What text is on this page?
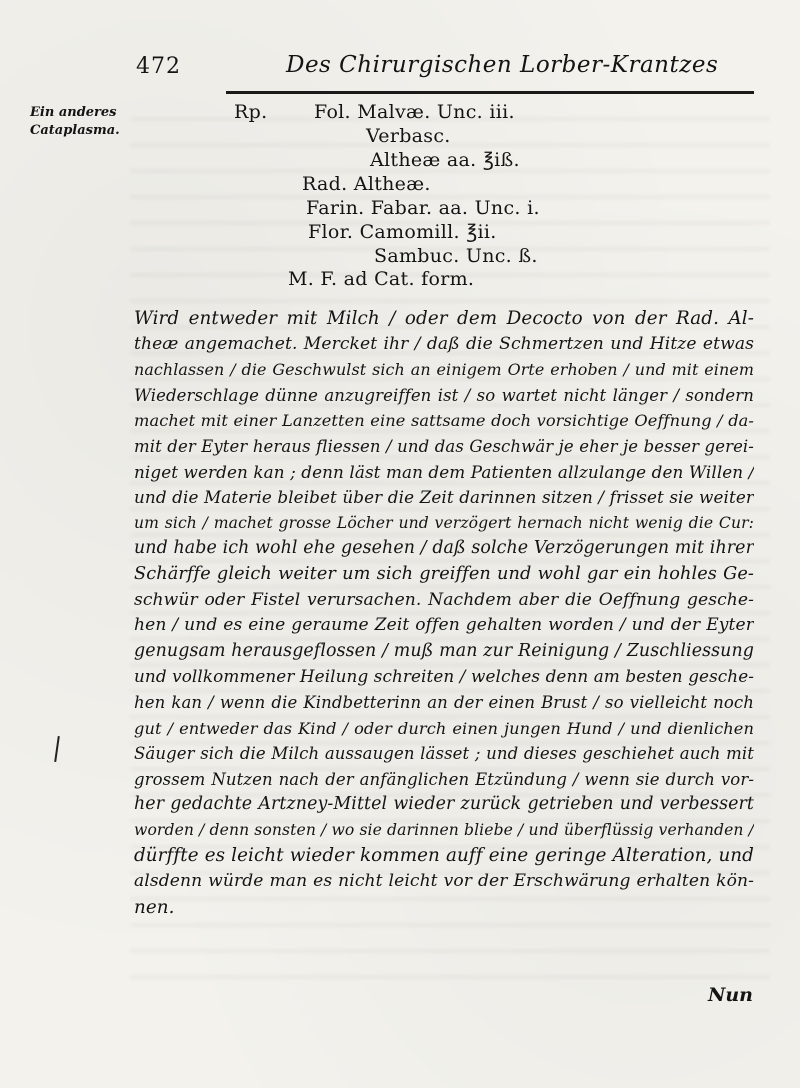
472	Des Chirurgischen Lorber-Krantzes
Ein anderes
Cataplasma.
Rp. Fol. Malvæ. Unc. iii.
Verbasc.
Altheæ aa. ℥iß.
Rad. Altheæ.
Farin. Fabar. aa. Unc. i.
Flor. Camomill. ℥ii.
Sambuc. Unc. ß.
M. F. ad Cat. form.
Wird entweder mit Milch / oder dem Decocto von der Rad. Al-
theæ angemachet. Mercket ihr / daß die Schmertzen und Hitze etwas
nachlassen / die Geschwulst sich an einigem Orte erhoben / und mit einem
Wiederschlage dünne anzugreiffen ist / so wartet nicht länger / sondern
machet mit einer Lanzetten eine sattsame doch vorsichtige Oeffnung / da-
mit der Eyter heraus fliessen / und das Geschwär je eher je besser gerei-
niget werden kan ; denn läst man dem Patienten allzulange den Willen /
und die Materie bleibet über die Zeit darinnen sitzen / frisset sie weiter
um sich / machet grosse Löcher und verzögert hernach nicht wenig die Cur:
und habe ich wohl ehe gesehen / daß solche Verzögerungen mit ihrer
Schärffe gleich weiter um sich greiffen und wohl gar ein hohles Ge-
schwür oder Fistel verursachen. Nachdem aber die Oeffnung gesche-
hen / und es eine geraume Zeit offen gehalten worden / und der Eyter
genugsam herausgeflossen / muß man zur Reinigung / Zuschliessung
und vollkommener Heilung schreiten / welches denn am besten gesche-
hen kan / wenn die Kindbetterinn an der einen Brust / so vielleicht noch
gut / entweder das Kind / oder durch einen jungen Hund / und dienlichen
Säuger sich die Milch aussaugen lässet ; und dieses geschiehet auch mit
grossem Nutzen nach der anfänglichen Etzündung / wenn sie durch vor-
her gedachte Artzney-Mittel wieder zurück getrieben und verbessert
worden / denn sonsten / wo sie darinnen bliebe / und überflüssig verhanden /
dürffte es leicht wieder kommen auff eine geringe Alteration, und
alsdenn würde man es nicht leicht vor der Erschwärung erhalten kön-
nen.
Nun
